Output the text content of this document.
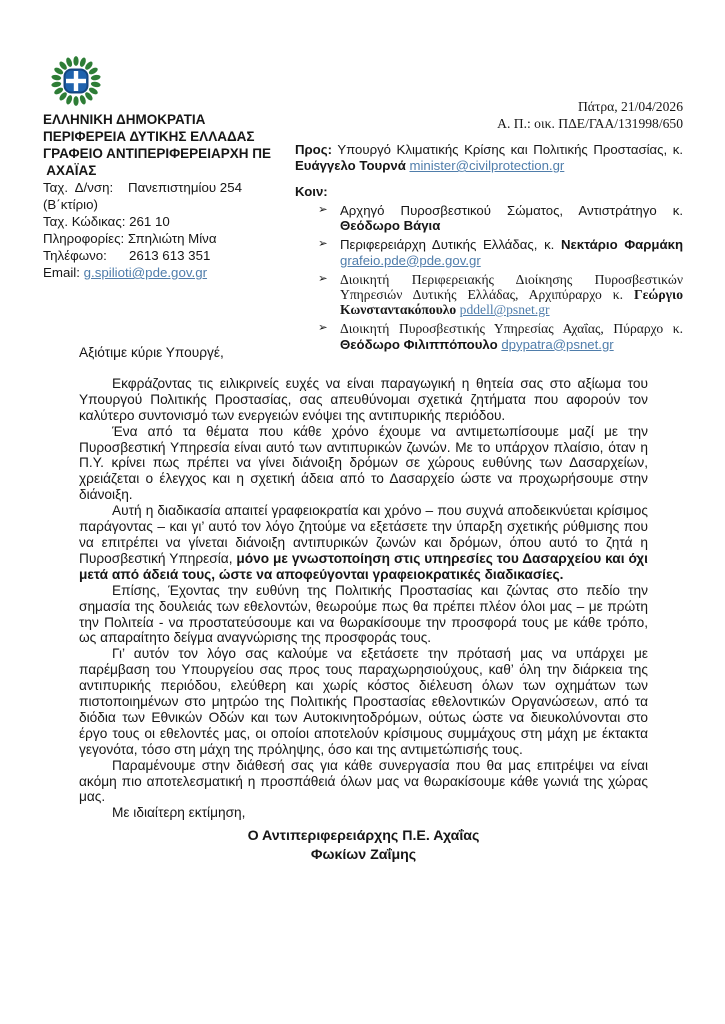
ΕΛΛΗΝΙΚΗ ΔΗΜΟΚΡΑΤΙΑ
ΠΕΡΙΦΕΡΕΙΑ ΔΥΤΙΚΗΣ ΕΛΛΑΔΑΣ
ΓΡΑΦΕΙΟ ΑΝΤΙΠΕΡΙΦΕΡΕΙΑΡΧΗ ΠΕ
ΑΧΑΪΑΣ
Ταχ.  Δ/νση:    Πανεπιστημίου 254
(Β΄κτίριο)
Ταχ. Κώδικας: 261 10
Πληροφορίες: Σπηλιώτη Μίνα
Τηλέφωνο:      2613 613 351
Email: g.spilioti@pde.gov.gr
Πάτρα, 21/04/2026
Α. Π.: οικ. ΠΔΕ/ΓΑΑ/131998/650

Προς: Υπουργό Κλιματικής Κρίσης και Πολιτικής Προστασίας, κ. Ευάγγελο Τουρνά minister@civilprotection.gr

Κοιν:
➢ Αρχηγό Πυροσβεστικού Σώματος, Αντιστράτηγο κ. Θεόδωρο Βάγια
➢ Περιφερειάρχη Δυτικής Ελλάδας, κ. Νεκτάριο Φαρμάκη grafeio.pde@pde.gov.gr
➢ Διοικητή Περιφερειακής Διοίκησης Πυροσβεστικών Υπηρεσιών Δυτικής Ελλάδας, Αρχιπύραρχο κ. Γεώργιο Κωνσταντακόπουλο pddell@psnet.gr
➢ Διοικητή Πυροσβεστικής Υπηρεσίας Αχαΐας, Πύραρχο κ. Θεόδωρο Φιλιππόπουλο dpypatra@psnet.gr

Αξιότιμε κύριε Υπουργέ,

Εκφράζοντας τις ειλικρινείς ευχές να είναι παραγωγική η θητεία σας στο αξίωμα του Υπουργού Πολιτικής Προστασίας, σας απευθύνομαι σχετικά ζητήματα που αφορούν τον καλύτερο συντονισμό των ενεργειών ενόψει της αντιπυρικής περιόδου.

Ένα από τα θέματα που κάθε χρόνο έχουμε να αντιμετωπίσουμε μαζί με την Πυροσβεστική Υπηρεσία είναι αυτό των αντιπυρικών ζωνών. Με το υπάρχον πλαίσιο, όταν η Π.Υ. κρίνει πως πρέπει να γίνει διάνοιξη δρόμων σε χώρους ευθύνης των Δασαρχείων, χρειάζεται ο έλεγχος και η σχετική άδεια από το Δασαρχείο ώστε να προχωρήσουμε στην διάνοιξη.

Αυτή η διαδικασία απαιτεί γραφειοκρατία και χρόνο – που συχνά αποδεικνύεται κρίσιμος παράγοντας – και γι’ αυτό τον λόγο ζητούμε να εξετάσετε την ύπαρξη σχετικής ρύθμισης που να επιτρέπει να γίνεται διάνοιξη αντιπυρικών ζωνών και δρόμων, όπου αυτό το ζητά η Πυροσβεστική Υπηρεσία, μόνο με γνωστοποίηση στις υπηρεσίες του Δασαρχείου και όχι μετά από άδειά τους, ώστε να αποφεύγονται γραφειοκρατικές διαδικασίες.

Επίσης, Έχοντας την ευθύνη της Πολιτικής Προστασίας και ζώντας στο πεδίο την σημασία της δουλειάς των εθελοντών, θεωρούμε πως θα πρέπει πλέον όλοι μας – με πρώτη την Πολιτεία - να προστατεύσουμε και να θωρακίσουμε την προσφορά τους με κάθε τρόπο, ως απαραίτητο δείγμα αναγνώρισης της προσφοράς τους.

Γι’ αυτόν τον λόγο σας καλούμε να εξετάσετε την πρότασή μας να υπάρχει με παρέμβαση του Υπουργείου σας προς τους παραχωρησιούχους, καθ’ όλη την διάρκεια της αντιπυρικής περιόδου, ελεύθερη και χωρίς κόστος διέλευση όλων των οχημάτων των πιστοποιημένων στο μητρώο της Πολιτικής Προστασίας εθελοντικών Οργανώσεων, από τα διόδια των Εθνικών Οδών και των Αυτοκινητοδρόμων, ούτως ώστε να διευκολύνονται στο έργο τους οι εθελοντές μας, οι οποίοι αποτελούν κρίσιμους συμμάχους στη μάχη με έκτακτα γεγονότα, τόσο στη μάχη της πρόληψης, όσο και της αντιμετώπισής τους.

Παραμένουμε στην διάθεσή σας για κάθε συνεργασία που θα μας επιτρέψει να είναι ακόμη πιο αποτελεσματική η προσπάθειά όλων μας να θωρακίσουμε κάθε γωνιά της χώρας μας.

Με ιδιαίτερη εκτίμηση,

Ο Αντιπεριφερειάρχης Π.Ε. Αχαΐας
Φωκίων Ζαΐμης
